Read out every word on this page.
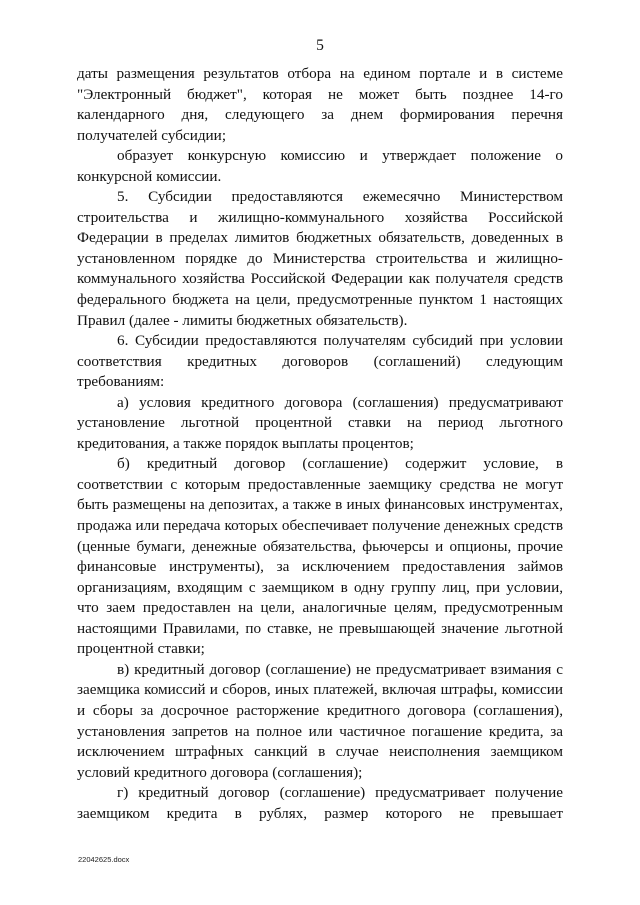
5

даты размещения результатов отбора на едином портале и в системе "Электронный бюджет", которая не может быть позднее 14-го календарного дня, следующего за днем формирования перечня получателей субсидии;

образует конкурсную комиссию и утверждает положение о конкурсной комиссии.

5. Субсидии предоставляются ежемесячно Министерством строительства и жилищно-коммунального хозяйства Российской Федерации в пределах лимитов бюджетных обязательств, доведенных в установленном порядке до Министерства строительства и жилищно-коммунального хозяйства Российской Федерации как получателя средств федерального бюджета на цели, предусмотренные пунктом 1 настоящих Правил (далее - лимиты бюджетных обязательств).

6. Субсидии предоставляются получателям субсидий при условии соответствия кредитных договоров (соглашений) следующим требованиям:

а) условия кредитного договора (соглашения) предусматривают установление льготной процентной ставки на период льготного кредитования, а также порядок выплаты процентов;

б) кредитный договор (соглашение) содержит условие, в соответствии с которым предоставленные заемщику средства не могут быть размещены на депозитах, а также в иных финансовых инструментах, продажа или передача которых обеспечивает получение денежных средств (ценные бумаги, денежные обязательства, фьючерсы и опционы, прочие финансовые инструменты), за исключением предоставления займов организациям, входящим с заемщиком в одну группу лиц, при условии, что заем предоставлен на цели, аналогичные целям, предусмотренным настоящими Правилами, по ставке, не превышающей значение льготной процентной ставки;

в) кредитный договор (соглашение) не предусматривает взимания с заемщика комиссий и сборов, иных платежей, включая штрафы, комиссии и сборы за досрочное расторжение кредитного договора (соглашения), установления запретов на полное или частичное погашение кредита, за исключением штрафных санкций в случае неисполнения заемщиком условий кредитного договора (соглашения);

г) кредитный договор (соглашение) предусматривает получение заемщиком кредита в рублях, размер которого не превышает

22042625.docx
